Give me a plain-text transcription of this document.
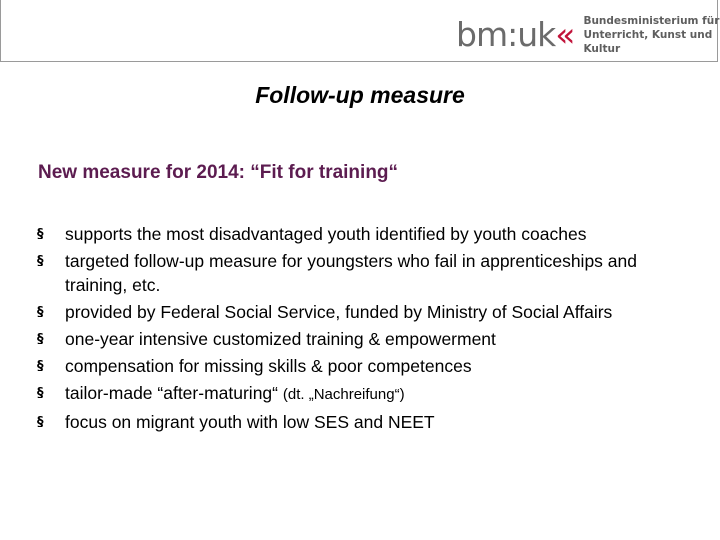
bm:uk« Bundesministerium für
Unterricht, Kunst und Kultur
Follow-up measure
New measure for 2014: “Fit for training“
§ supports the most disadvantaged youth identified by youth coaches
§ targeted follow-up measure for youngsters who fail in apprenticeships and training, etc.
§ provided by Federal Social Service, funded by Ministry of Social Affairs
§ one-year intensive customized training & empowerment
§ compensation for missing skills & poor competences
§ tailor-made “after-maturing“ (dt. „Nachreifung“)
§ focus on migrant youth with low SES and NEET
